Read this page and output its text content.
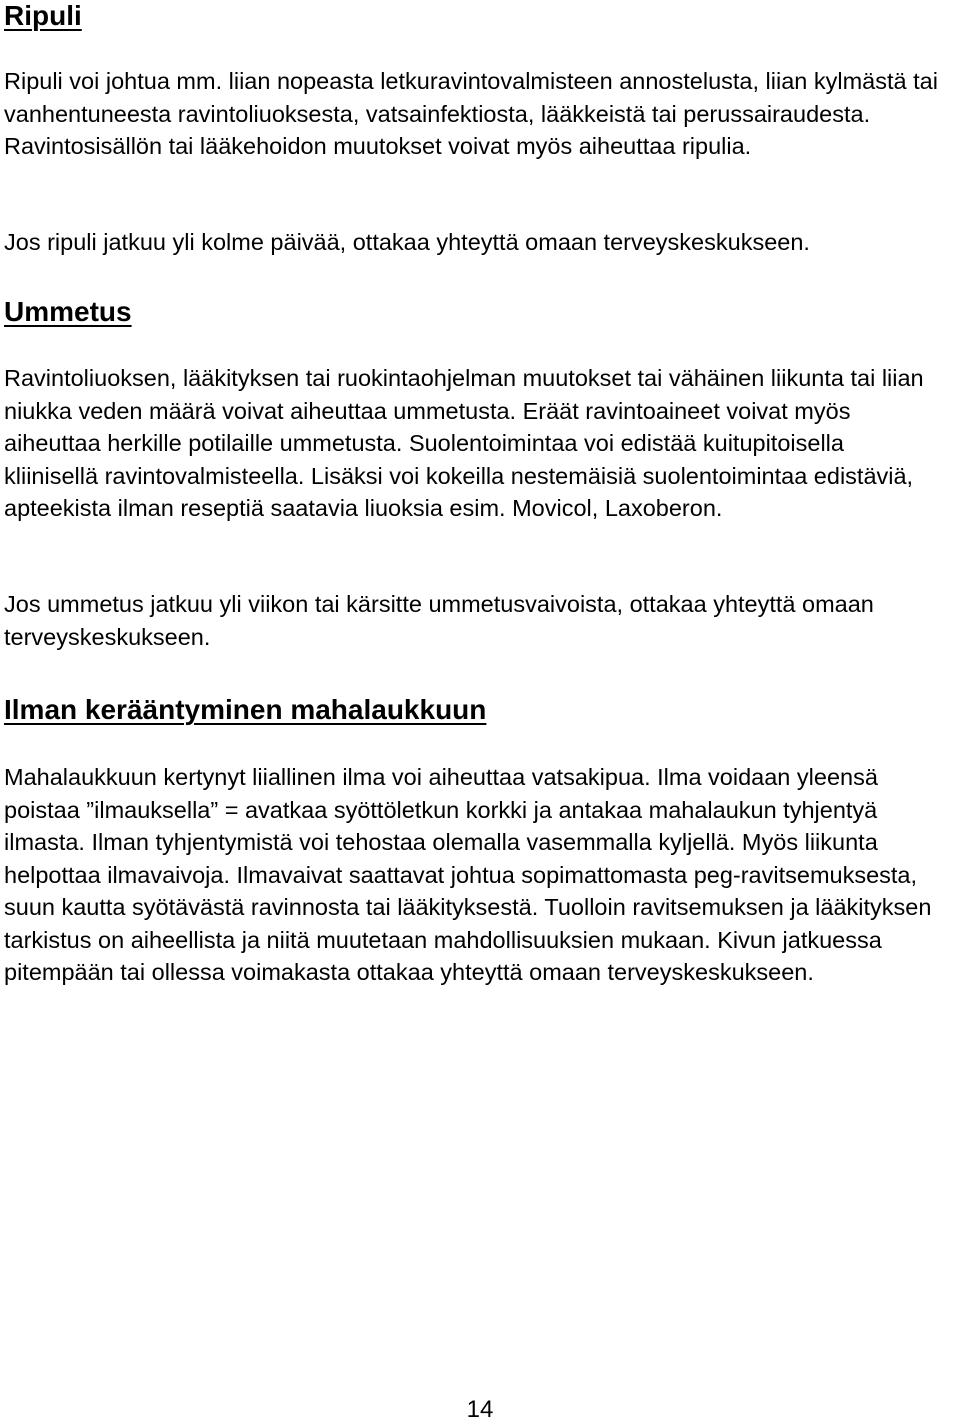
Ripuli

Ripuli voi johtua mm. liian nopeasta letkuravintovalmisteen annostelusta, liian kylmästä tai vanhentuneesta ravintoliuoksesta, vatsainfektiosta, lääkkeistä tai perussairaudesta. Ravintosisällön tai lääkehoidon muutokset voivat myös aiheuttaa ripulia.

Jos ripuli jatkuu yli kolme päivää, ottakaa yhteyttä omaan terveyskeskukseen.

Ummetus

Ravintoliuoksen, lääkityksen tai ruokintaohjelman muutokset tai vähäinen liikunta tai liian niukka veden määrä voivat aiheuttaa ummetusta. Eräät ravintoaineet voivat myös aiheuttaa herkille potilaille ummetusta. Suolentoimintaa voi edistää kuitupitoisella kliinisellä ravintovalmisteella. Lisäksi voi kokeilla nestemäisiä suolentoimintaa edistäviä, apteekista ilman reseptiä saatavia liuoksia esim. Movicol, Laxoberon.

Jos ummetus jatkuu yli viikon tai kärsitte ummetusvaivoista, ottakaa yhteyttä omaan terveyskeskukseen.

Ilman kerääntyminen mahalaukkuun

Mahalaukkuun kertynyt liiallinen ilma voi aiheuttaa vatsakipua. Ilma voidaan yleensä poistaa ”ilmauksella” = avatkaa syöttöletkun korkki ja antakaa mahalaukun tyhjentyä ilmasta. Ilman tyhjentymistä voi tehostaa olemalla vasemmalla kyljellä. Myös liikunta helpottaa ilmavaivoja. Ilmavaivat saattavat johtua sopimattomasta peg-ravitsemuksesta, suun kautta syötävästä ravinnosta tai lääkityksestä. Tuolloin ravitsemuksen ja lääkityksen tarkistus on aiheellista ja niitä muutetaan mahdollisuuksien mukaan. Kivun jatkuessa pitempään tai ollessa voimakasta ottakaa yhteyttä omaan terveyskeskukseen.

14
